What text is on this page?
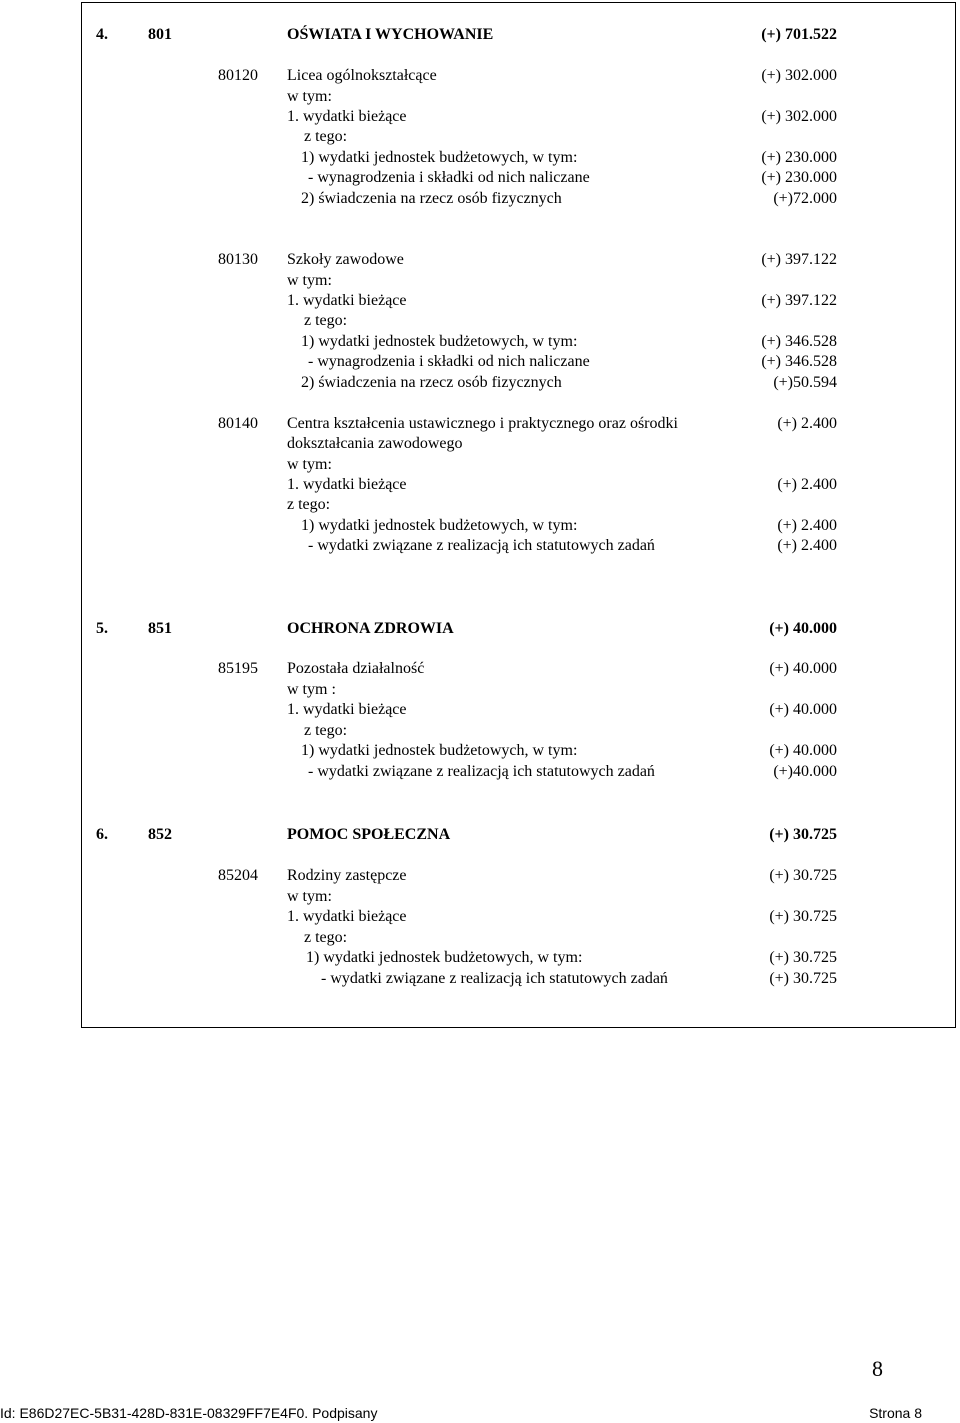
4.	801	OŚWIATA I WYCHOWANIE	(+) 701.522
80120 Licea ogólnokształcące	(+) 302.000
w tym:
1. wydatki bieżące	(+) 302.000
z tego:
1) wydatki jednostek budżetowych, w tym:	(+) 230.000
- wynagrodzenia i składki od nich naliczane	(+) 230.000
2) świadczenia na rzecz osób fizycznych	(+)72.000
80130 Szkoły zawodowe	(+) 397.122
w tym:
1. wydatki bieżące	(+) 397.122
z tego:
1) wydatki jednostek budżetowych, w tym:	(+) 346.528
- wynagrodzenia i składki od nich naliczane	(+) 346.528
2) świadczenia na rzecz osób fizycznych	(+)50.594
80140 Centra kształcenia ustawicznego i praktycznego oraz ośrodki	(+) 2.400
dokształcania zawodowego
w tym:
1. wydatki bieżące	(+) 2.400
z tego:
1) wydatki jednostek budżetowych, w tym:	(+) 2.400
- wydatki związane z realizacją ich statutowych zadań	(+) 2.400
5.	851	OCHRONA ZDROWIA	(+) 40.000
85195 Pozostała działalność	(+) 40.000
w tym :
1. wydatki bieżące	(+) 40.000
z tego:
1) wydatki jednostek budżetowych, w tym:	(+) 40.000
- wydatki związane z realizacją ich statutowych zadań	(+)40.000
6.	852	POMOC SPOŁECZNA	(+) 30.725
85204 Rodziny zastępcze	(+) 30.725
w tym:
1. wydatki bieżące	(+) 30.725
z tego:
1) wydatki jednostek budżetowych, w tym:	(+) 30.725
- wydatki związane z realizacją ich statutowych zadań	(+) 30.725
8
Id: E86D27EC-5B31-428D-831E-08329FF7E4F0. Podpisany	Strona 8
